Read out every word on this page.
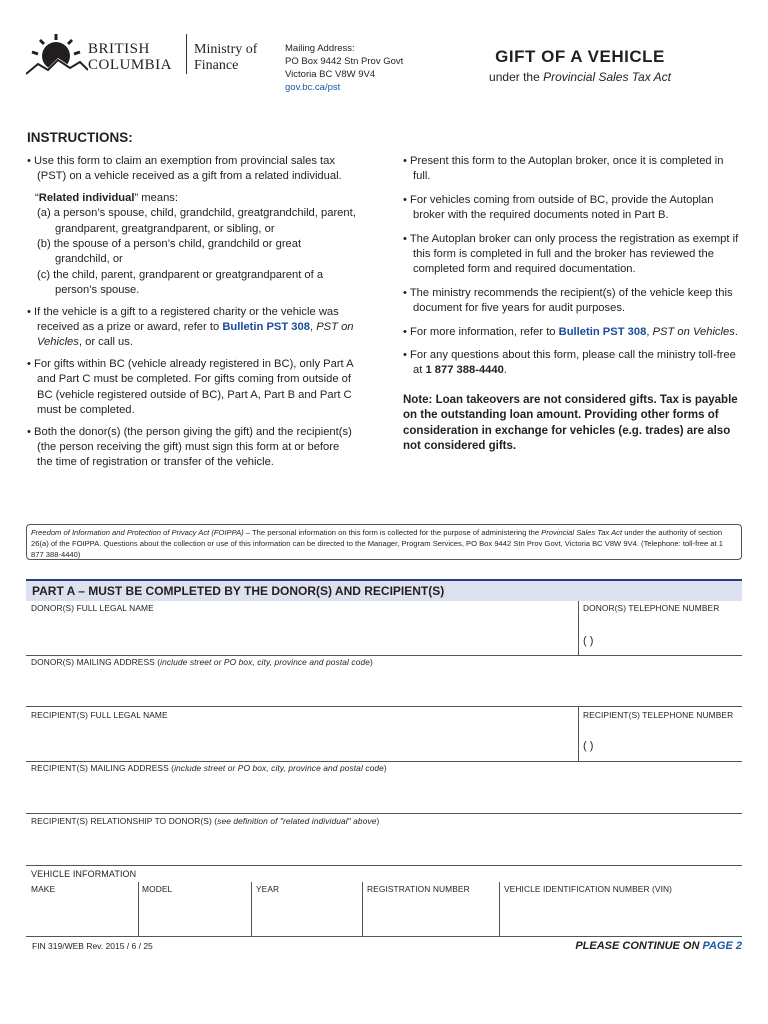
BRITISH
COLUMBIA
Ministry of
Finance
Mailing Address:
PO Box 9442 Stn Prov Govt
Victoria BC V8W 9V4
gov.bc.ca/pst
GIFT OF A VEHICLE
under the Provincial Sales Tax Act
INSTRUCTIONS:

• Use this form to claim an exemption from provincial sales tax (PST) on a vehicle received as a gift from a related individual.

“Related individual” means:

(a) a person’s spouse, child, grandchild, greatgrandchild, parent, grandparent, greatgrandparent, or sibling, or

(b) the spouse of a person’s child, grandchild or great grandchild, or

(c) the child, parent, grandparent or greatgrandparent of a person’s spouse.

• If the vehicle is a gift to a registered charity or the vehicle was received as a prize or award, refer to Bulletin PST 308, PST on Vehicles, or call us.

• For gifts within BC (vehicle already registered in BC), only Part A and Part C must be completed. For gifts coming from outside of BC (vehicle registered outside of BC), Part A, Part B and Part C must be completed.

• Both the donor(s) (the person giving the gift) and the recipient(s) (the person receiving the gift) must sign this form at or before the time of registration or transfer of the vehicle.

• Present this form to the Autoplan broker, once it is completed in full.

• For vehicles coming from outside of BC, provide the Autoplan broker with the required documents noted in Part B.

• The Autoplan broker can only process the registration as exempt if this form is completed in full and the broker has reviewed the completed form and required documentation.

• The ministry recommends the recipient(s) of the vehicle keep this document for five years for audit purposes.

• For more information, refer to Bulletin PST 308, PST on Vehicles.

• For any questions about this form, please call the ministry toll-free at 1 877 388-4440.

Note: Loan takeovers are not considered gifts. Tax is payable on the outstanding loan amount. Providing other forms of consideration in exchange for vehicles (e.g. trades) are also not considered gifts.

Freedom of Information and Protection of Privacy Act (FOIPPA) – The personal information on this form is collected for the purpose of administering the Provincial Sales Tax Act under the authority of section 26(a) of the FOIPPA. Questions about the collection or use of this information can be directed to the Manager, Program Services, PO Box 9442 Stn Prov Govt, Victoria BC V8W 9V4. (Telephone: toll-free at 1 877 388-4440)
PART A – MUST BE COMPLETED BY THE DONOR(S) AND RECIPIENT(S)
DONOR(S) FULL LEGAL NAME	DONOR(S) TELEPHONE NUMBER
( )
DONOR(S) MAILING ADDRESS (include street or PO box, city, province and postal code)
RECIPIENT(S) FULL LEGAL NAME	RECIPIENT(S) TELEPHONE NUMBER
( )
RECIPIENT(S) MAILING ADDRESS (include street or PO box, city, province and postal code)
RECIPIENT(S) RELATIONSHIP TO DONOR(S) (see definition of "related individual" above)
VEHICLE INFORMATION
MAKE	MODEL	YEAR	REGISTRATION NUMBER	VEHICLE IDENTIFICATION NUMBER (VIN)
FIN 319/WEB Rev. 2015 / 6 / 25	PLEASE CONTINUE ON PAGE 2
